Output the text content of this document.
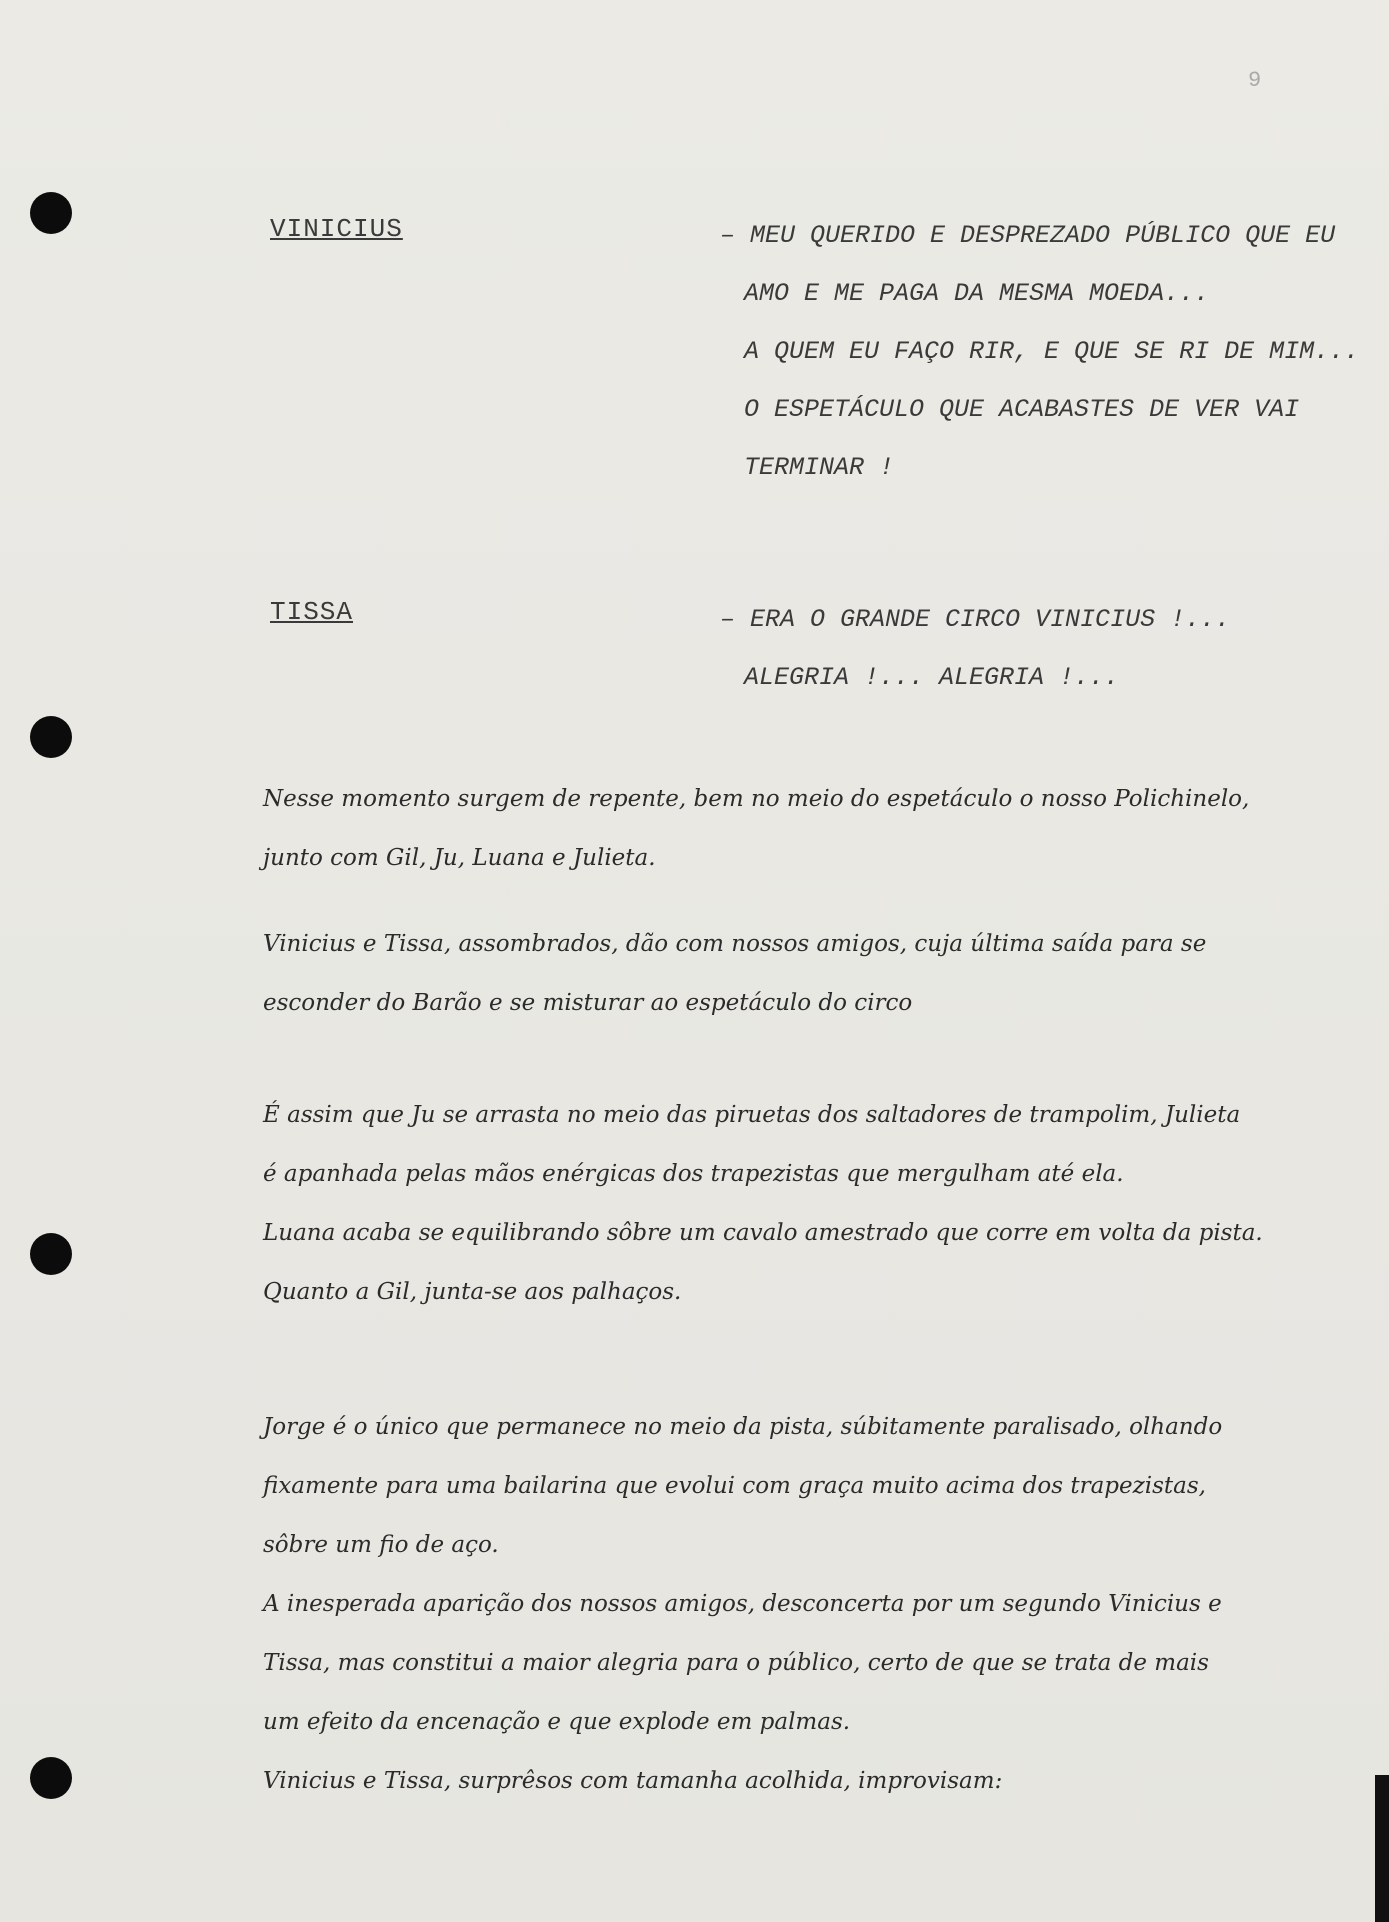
9
VINICIUS	– MEU QUERIDO E DESPREZADO PÚBLICO QUE EU
AMO E ME PAGA DA MESMA MOEDA...
A QUEM EU FAÇO RIR, E QUE SE RI DE MIM...
O ESPETÁCULO QUE ACABASTES DE VER VAI
TERMINAR !
TISSA	– ERA O GRANDE CIRCO VINICIUS !...
ALEGRIA !... ALEGRIA !...
Nesse momento surgem de repente, bem no meio do espetáculo o nosso Polichinelo,
junto com Gil, Ju, Luana e Julieta.
Vinicius e Tissa, assombrados, dão com nossos amigos, cuja última saída para se
esconder do Barão e se misturar ao espetáculo do circo
É assim que Ju se arrasta no meio das piruetas dos saltadores de trampolim, Julieta
é apanhada pelas mãos enérgicas dos trapezistas que mergulham até ela.
Luana acaba se equilibrando sôbre um cavalo amestrado que corre em volta da pista.
Quanto a Gil, junta-se aos palhaços.
Jorge é o único que permanece no meio da pista, súbitamente paralisado, olhando
fixamente para uma bailarina que evolui com graça muito acima dos trapezistas,
sôbre um fio de aço.
A inesperada aparição dos nossos amigos, desconcerta por um segundo Vinicius e
Tissa, mas constitui a maior alegria para o público, certo de que se trata de mais
um efeito da encenação e que explode em palmas.
Vinicius e Tissa, surprêsos com tamanha acolhida, improvisam:
